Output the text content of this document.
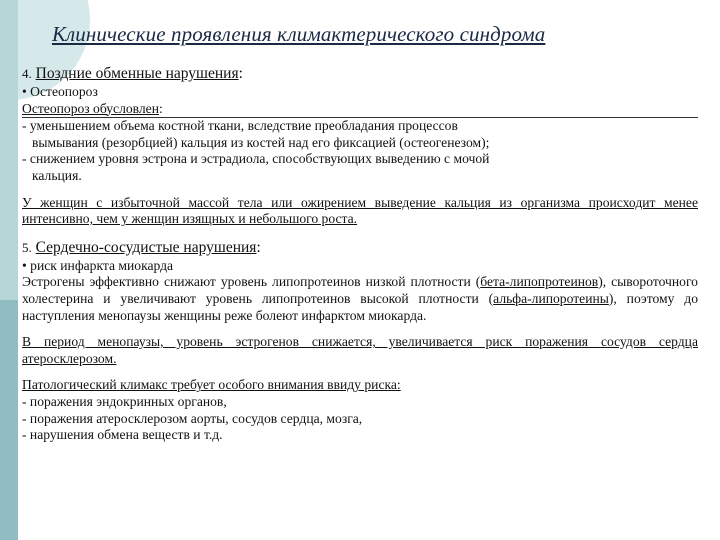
Клинические проявления климактерического синдрома

4. Поздние обменные нарушения:

• Остеопороз

Остеопороз обусловлен:

- уменьшением объема костной ткани, вследствие преобладания процессов

вымывания (резорбцией) кальция из костей над его фиксацией (остеогенезом);

- снижением уровня эстрона и эстрадиола, способствующих выведению с мочой

кальция.

У женщин с избыточной массой тела или ожирением выведение кальция из организма происходит менее интенсивно, чем у женщин изящных и небольшого роста.

5. Сердечно-сосудистые нарушения:

• риск инфаркта миокарда

Эстрогены эффективно снижают уровень липопротеинов низкой плотности (бета-липопротеинов), сывороточного холестерина и увеличивают уровень липопротеинов высокой плотности (альфа-липоротеины), поэтому до наступления менопаузы женщины реже болеют инфарктом миокарда.

В период менопаузы, уровень эстрогенов снижается, увеличивается риск поражения сосудов сердца атеросклерозом.

Патологический климакс требует особого внимания ввиду риска:

- поражения эндокринных органов,

- поражения атеросклерозом аорты, сосудов сердца, мозга,

- нарушения обмена веществ и т.д.
